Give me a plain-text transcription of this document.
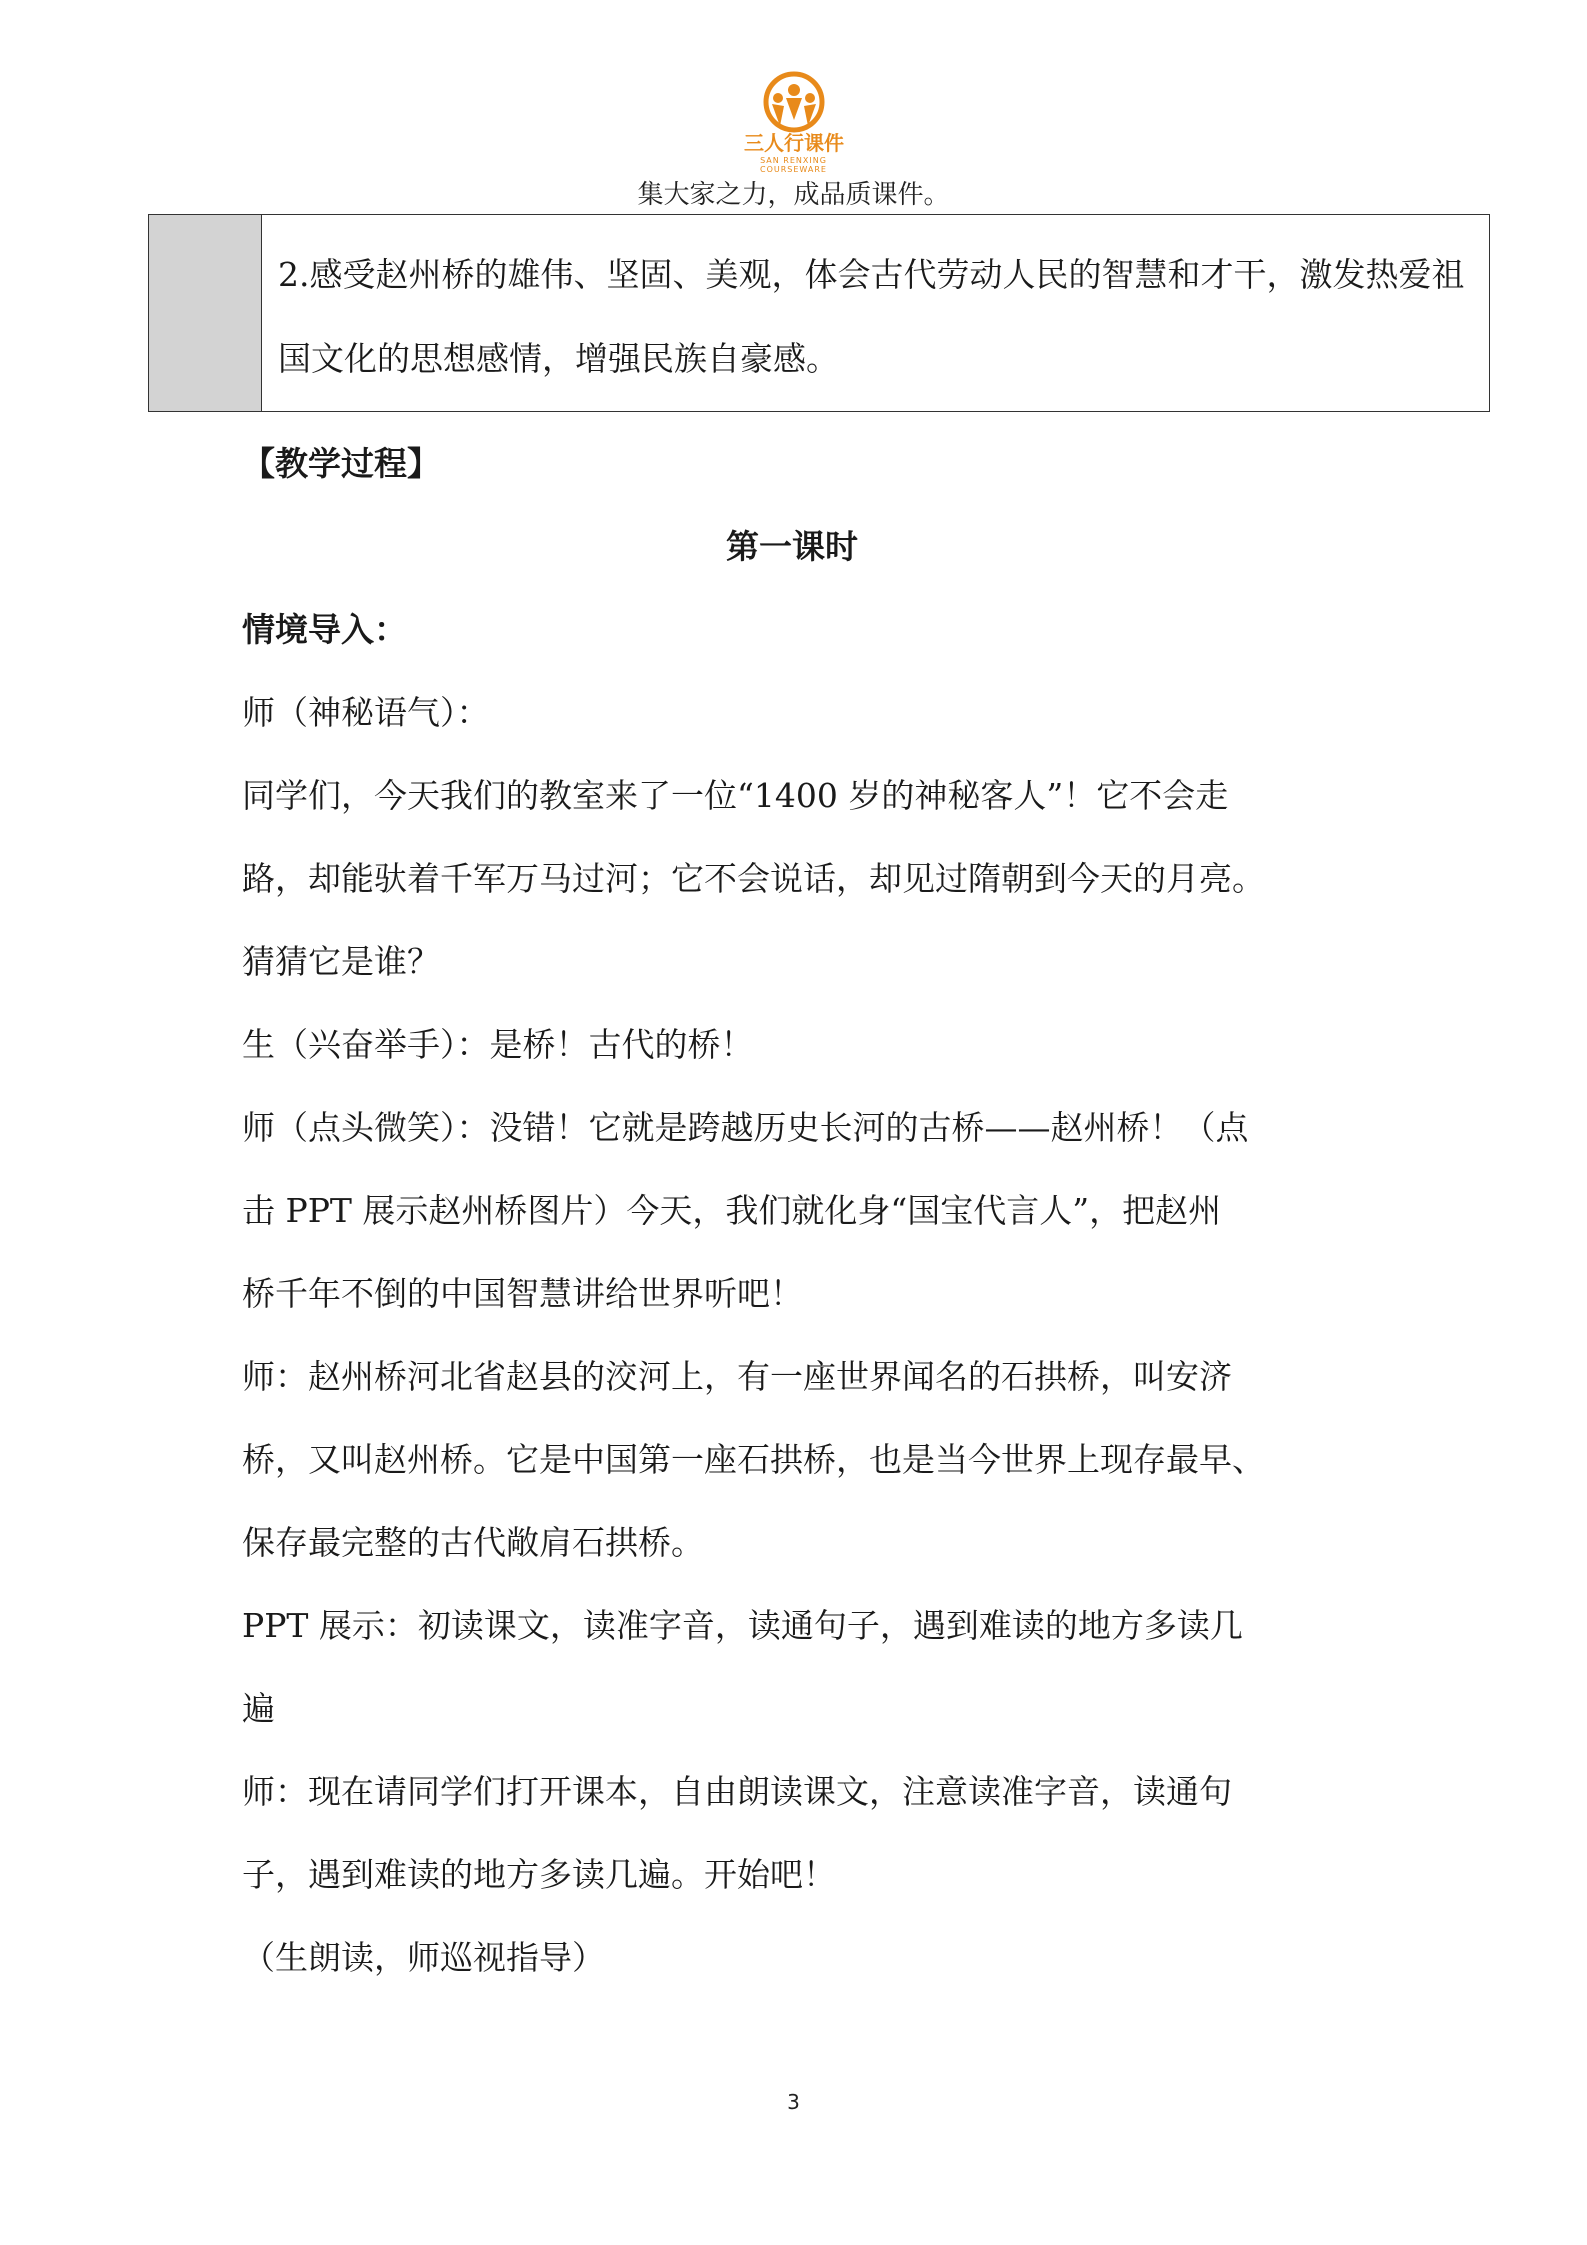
三人行课件
SAN RENXING COURSEWARE
集大家之力，成品质课件。
2.感受赵州桥的雄伟、坚固、美观，体会古代劳动人民的智慧和才干，激发热爱祖国文化的思想感情，增强民族自豪感。
【教学过程】
第一课时
情境导入：
师（神秘语气）：
同学们，今天我们的教室来了一位“1400 岁的神秘客人”！它不会走
路，却能驮着千军万马过河；它不会说话，却见过隋朝到今天的月亮。
猜猜它是谁？
生（兴奋举手）：是桥！古代的桥！
师（点头微笑）：没错！它就是跨越历史长河的古桥——赵州桥！（点
击 PPT 展示赵州桥图片）今天，我们就化身“国宝代言人”，把赵州
桥千年不倒的中国智慧讲给世界听吧！
师：赵州桥河北省赵县的洨河上，有一座世界闻名的石拱桥，叫安济
桥，又叫赵州桥。它是中国第一座石拱桥，也是当今世界上现存最早、
保存最完整的古代敞肩石拱桥。
PPT 展示：初读课文，读准字音，读通句子，遇到难读的地方多读几
遍
师：现在请同学们打开课本，自由朗读课文，注意读准字音，读通句
子，遇到难读的地方多读几遍。开始吧！
（生朗读，师巡视指导）
3
